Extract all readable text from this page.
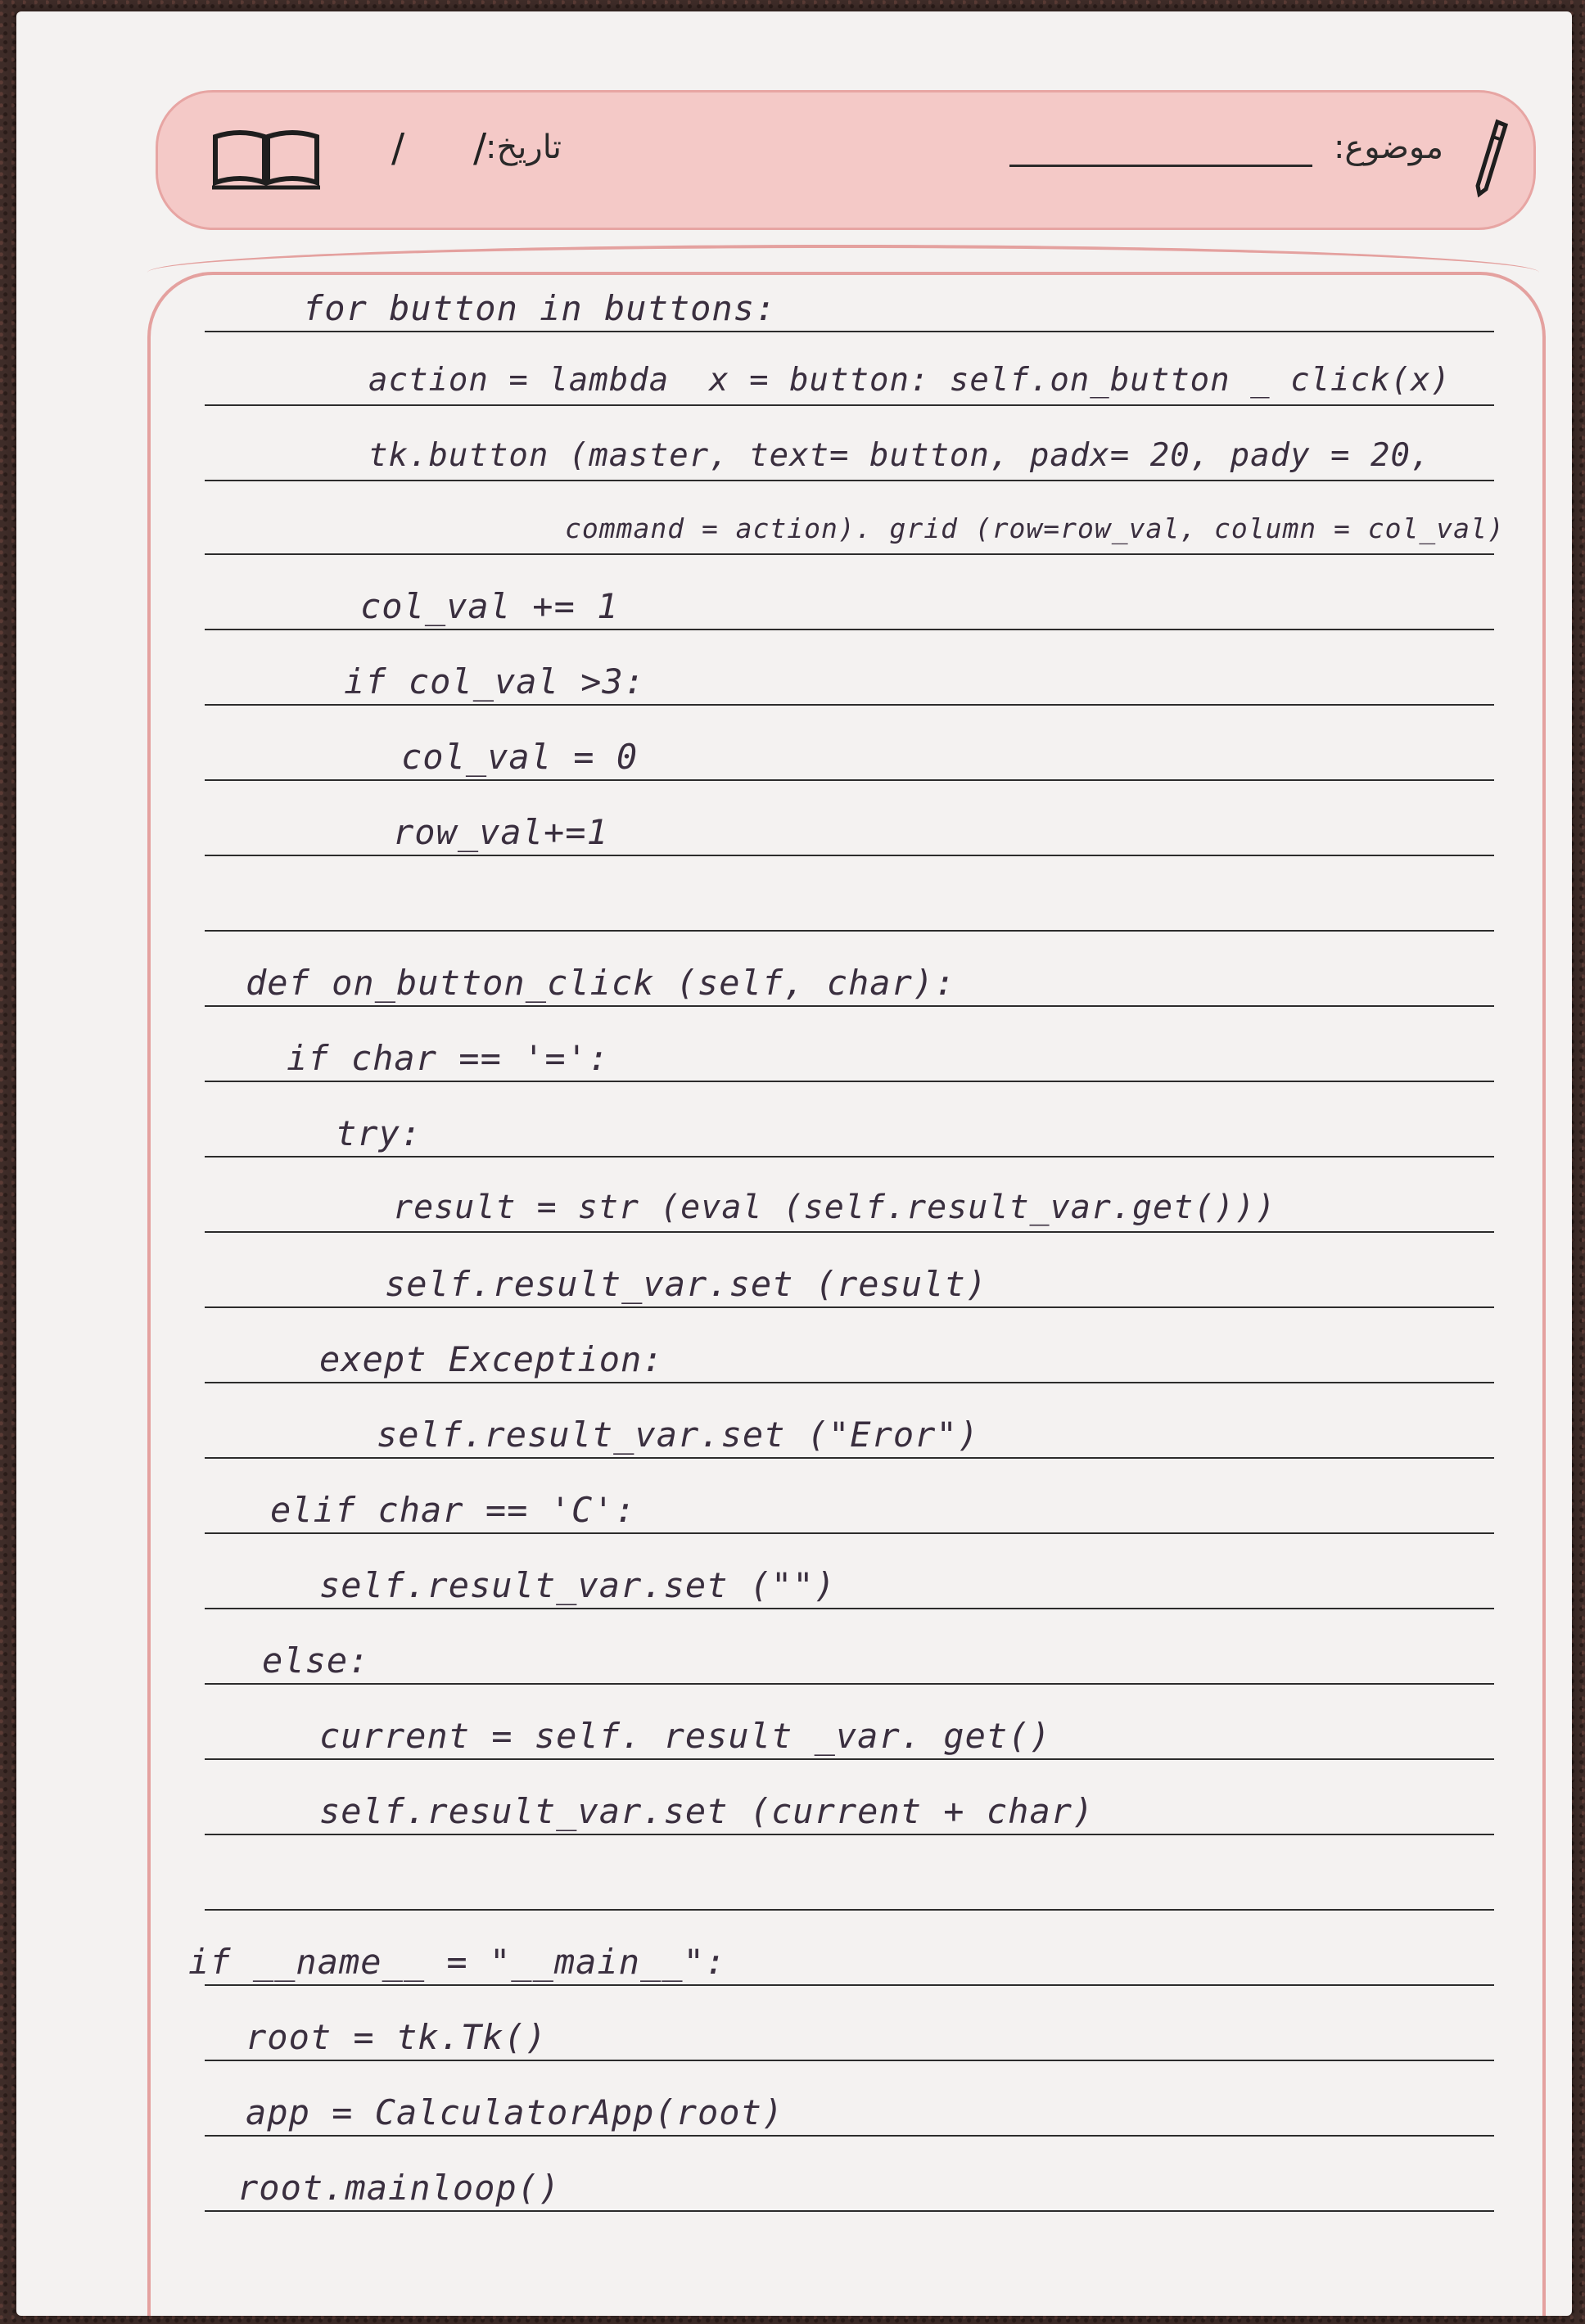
/ /
تاريخ:	موضوع:
for button in buttons:
action = lambda  x = button: self.on_button _ click(x)
tk.button (master, text= button, padx= 20, pady = 20,
command = action). grid (row=row_val, column = col_val)
col_val += 1
if col_val >3:
col_val = 0
row_val+=1
def on_button_click (self, char):
if char == '=':
try:
result = str (eval (self.result_var.get()))
self.result_var.set (result)
exept Exception:
self.result_var.set ("Eror")
elif char == 'C':
self.result_var.set ("")
else:
current = self. result _var. get()
self.result_var.set (current + char)
if __name__ = "__main__":
root = tk.Tk()
app = CalculatorApp(root)
root.mainloop()
